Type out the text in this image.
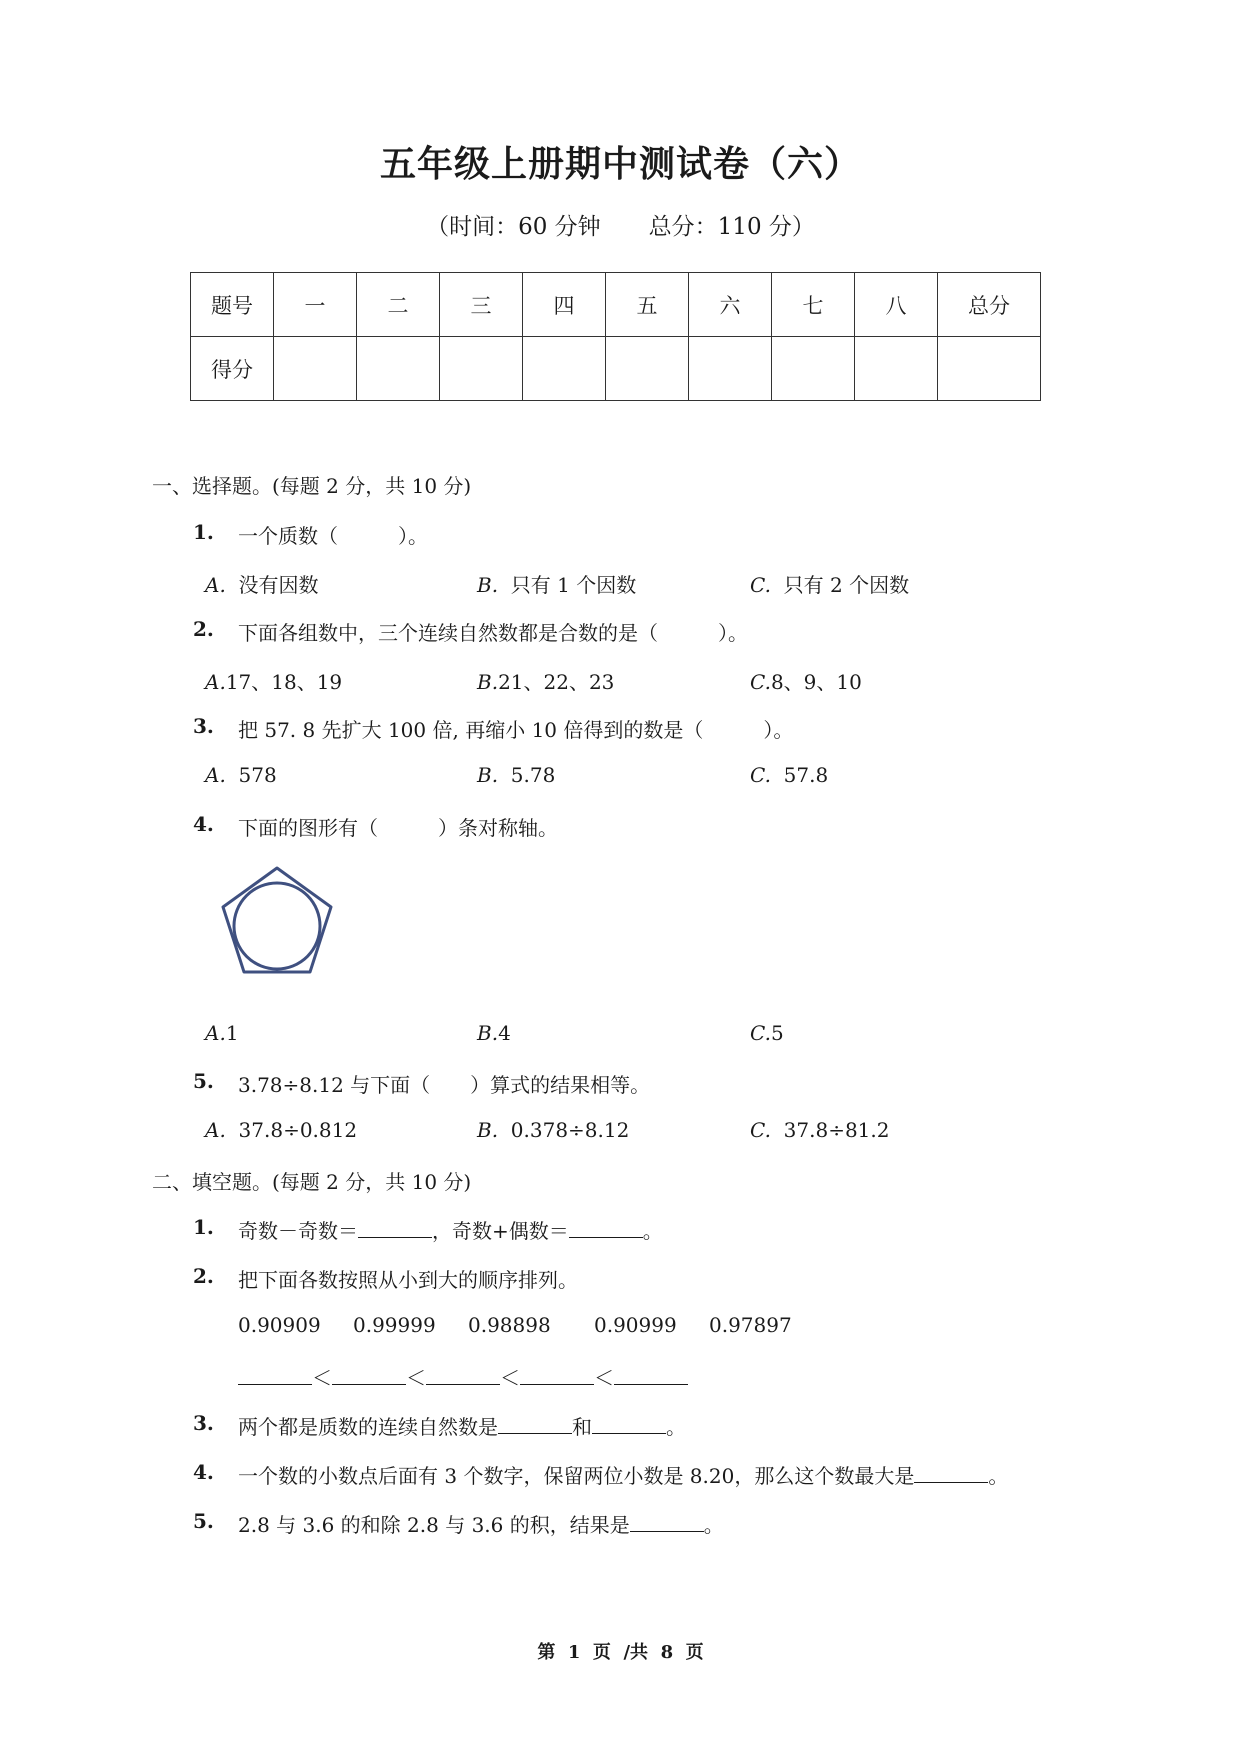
五年级上册期中测试卷（六）
（时间：60 分钟 总分：110 分）
题号	一	二	三	四	五	六	七	八	总分
得分									
一、选择题。(每题 2 分，共 10 分)
1. 一个质数（　　　）。
A. 没有因数	B. 只有 1 个因数	C. 只有 2 个因数
2. 下面各组数中，三个连续自然数都是合数的是（　　　）。
A.17、18、19	B.21、22、23	C.8、9、10
3. 把 57. 8 先扩大 100 倍, 再缩小 10 倍得到的数是（　　　）。
A. 578	B. 5.78	C. 57.8
4. 下面的图形有（　　　）条对称轴。
A.1	B.4	C.5
5. 3.78÷8.12 与下面（　　）算式的结果相等。
A. 37.8÷0.812	B. 0.378÷8.12	C. 37.8÷81.2
二、填空题。(每题 2 分，共 10 分)
1. 奇数－奇数＝	，奇数+偶数＝	。
2. 把下面各数按照从小到大的顺序排列。
0.90909 0.99999 0.98898 0.90999 0.97897
＜	＜	＜	＜
3. 两个都是质数的连续自然数是	和	。
4. 一个数的小数点后面有 3 个数字，保留两位小数是 8.20，那么这个数最大是	。
5. 2.8 与 3.6 的和除 2.8 与 3.6 的积，结果是	。
第  1  页  /共  8  页
